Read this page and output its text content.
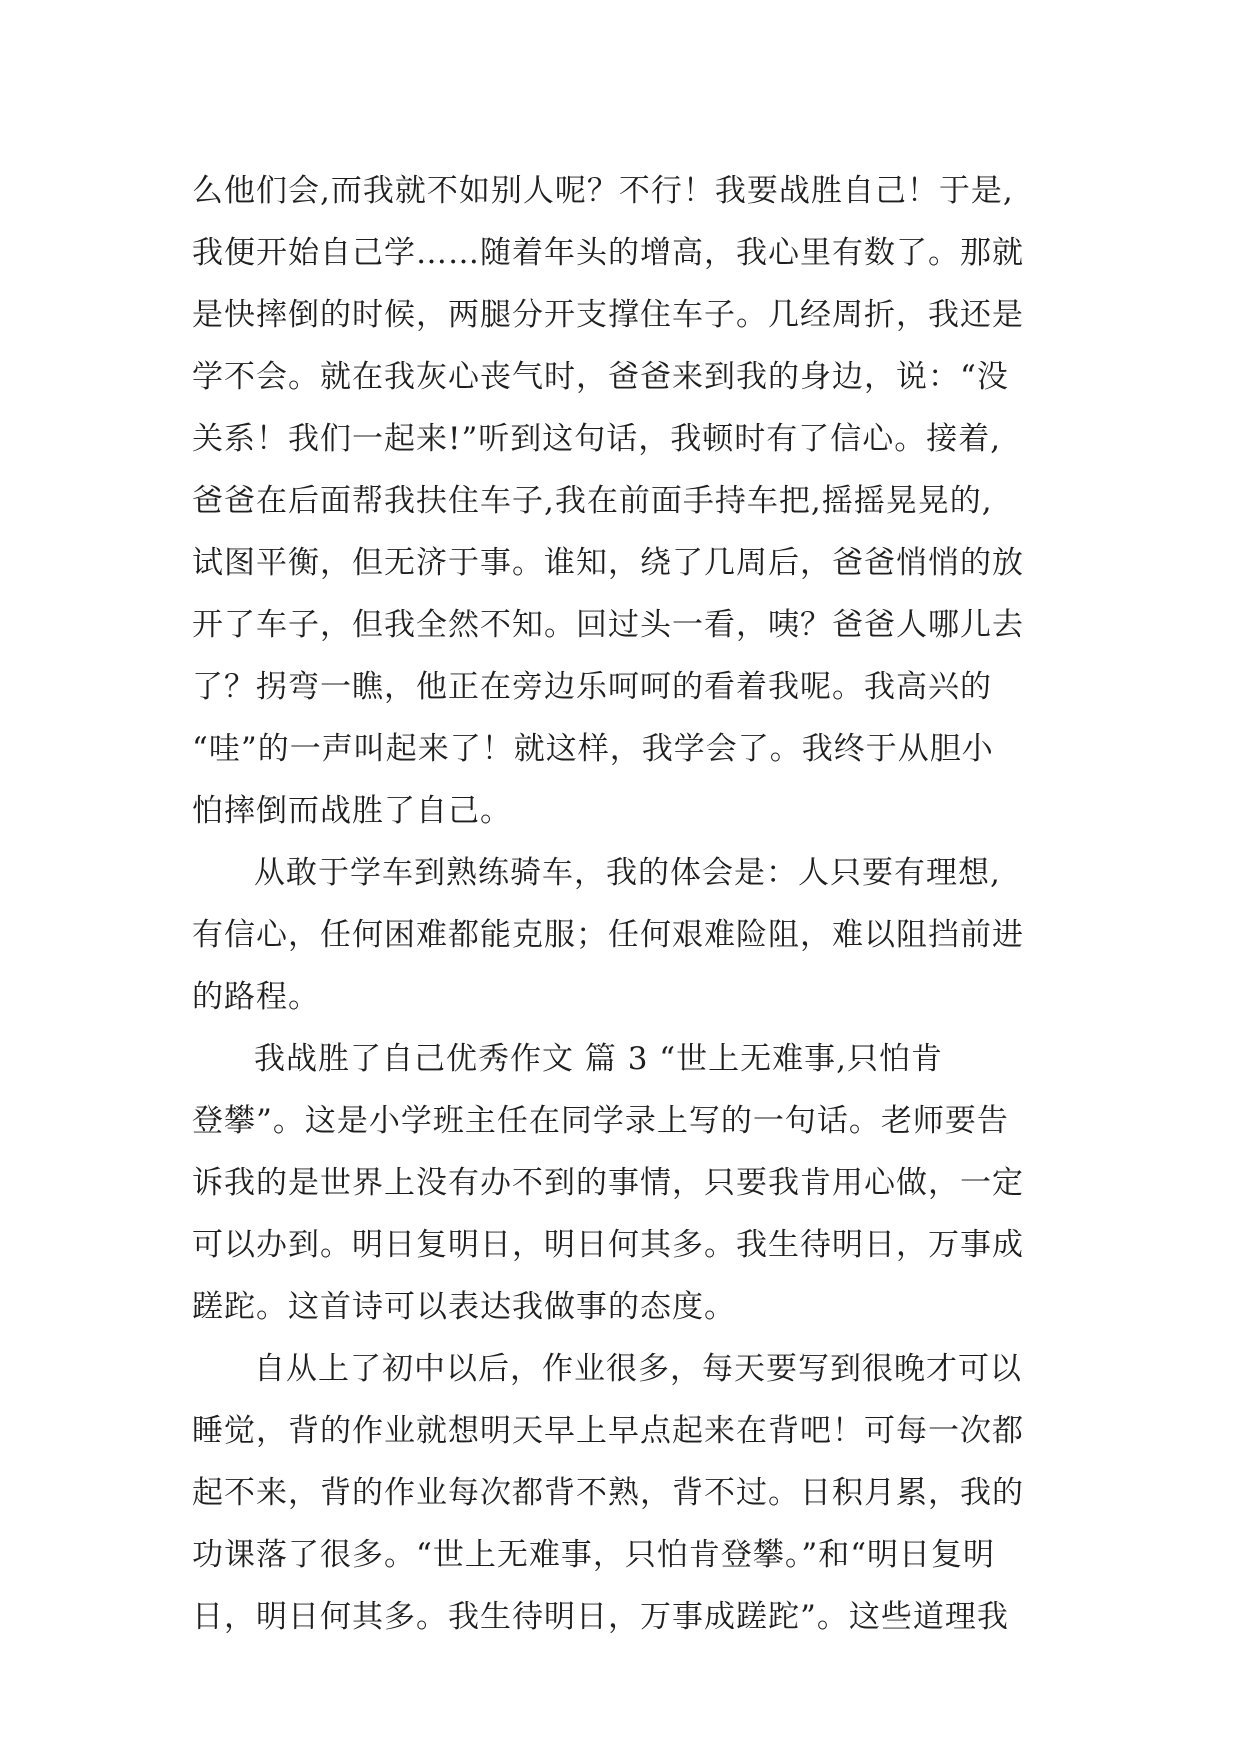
么他们会,而我就不如别人呢？不行！我要战胜自己！于是,
我便开始自己学……随着年头的增高，我心里有数了。那就
是快摔倒的时候，两腿分开支撑住车子。几经周折，我还是
学不会。就在我灰心丧气时，爸爸来到我的身边，说：“没
关系！我们一起来!”听到这句话，我顿时有了信心。接着,
爸爸在后面帮我扶住车子,我在前面手持车把,摇摇晃晃的,
试图平衡，但无济于事。谁知，绕了几周后，爸爸悄悄的放
开了车子，但我全然不知。回过头一看，咦？爸爸人哪儿去
了？拐弯一瞧，他正在旁边乐呵呵的看着我呢。我高兴的
“哇”的一声叫起来了！就这样，我学会了。我终于从胆小
怕摔倒而战胜了自己。
从敢于学车到熟练骑车，我的体会是：人只要有理想,
有信心，任何困难都能克服；任何艰难险阻，难以阻挡前进
的路程。
我战胜了自己优秀作文 篇 3 “世上无难事,只怕肯
登攀”。这是小学班主任在同学录上写的一句话。老师要告
诉我的是世界上没有办不到的事情，只要我肯用心做，一定
可以办到。明日复明日，明日何其多。我生待明日，万事成
蹉跎。这首诗可以表达我做事的态度。
自从上了初中以后，作业很多，每天要写到很晚才可以
睡觉，背的作业就想明天早上早点起来在背吧！可每一次都
起不来，背的作业每次都背不熟，背不过。日积月累，我的
功课落了很多。“世上无难事，只怕肯登攀。”和“明日复明
日，明日何其多。我生待明日，万事成蹉跎”。这些道理我
